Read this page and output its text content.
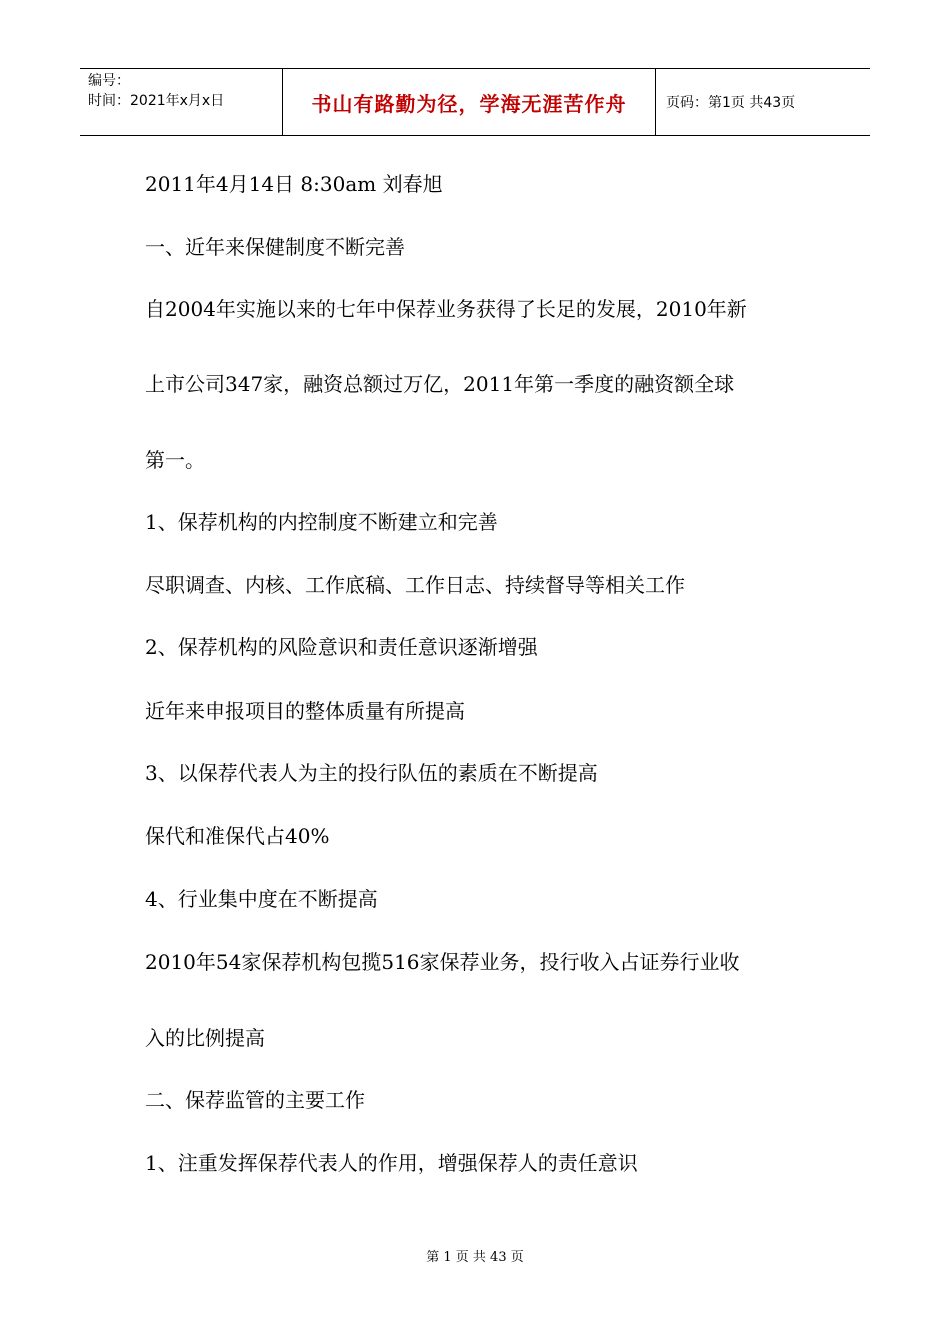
编号：
时间：2021年x月x日	书山有路勤为径，学海无涯苦作舟	页码：第1页 共43页
2011年4月14日 8:30am 刘春旭
一、近年来保健制度不断完善
自2004年实施以来的七年中保荐业务获得了长足的发展，2010年新
上市公司347家，融资总额过万亿，2011年第一季度的融资额全球
第一。
1、保荐机构的内控制度不断建立和完善
尽职调查、内核、工作底稿、工作日志、持续督导等相关工作
2、保荐机构的风险意识和责任意识逐渐增强
近年来申报项目的整体质量有所提高
3、以保荐代表人为主的投行队伍的素质在不断提高
保代和准保代占40%
4、行业集中度在不断提高
2010年54家保荐机构包揽516家保荐业务，投行收入占证券行业收
入的比例提高
二、保荐监管的主要工作
1、注重发挥保荐代表人的作用，增强保荐人的责任意识
第 1 页 共 43 页
